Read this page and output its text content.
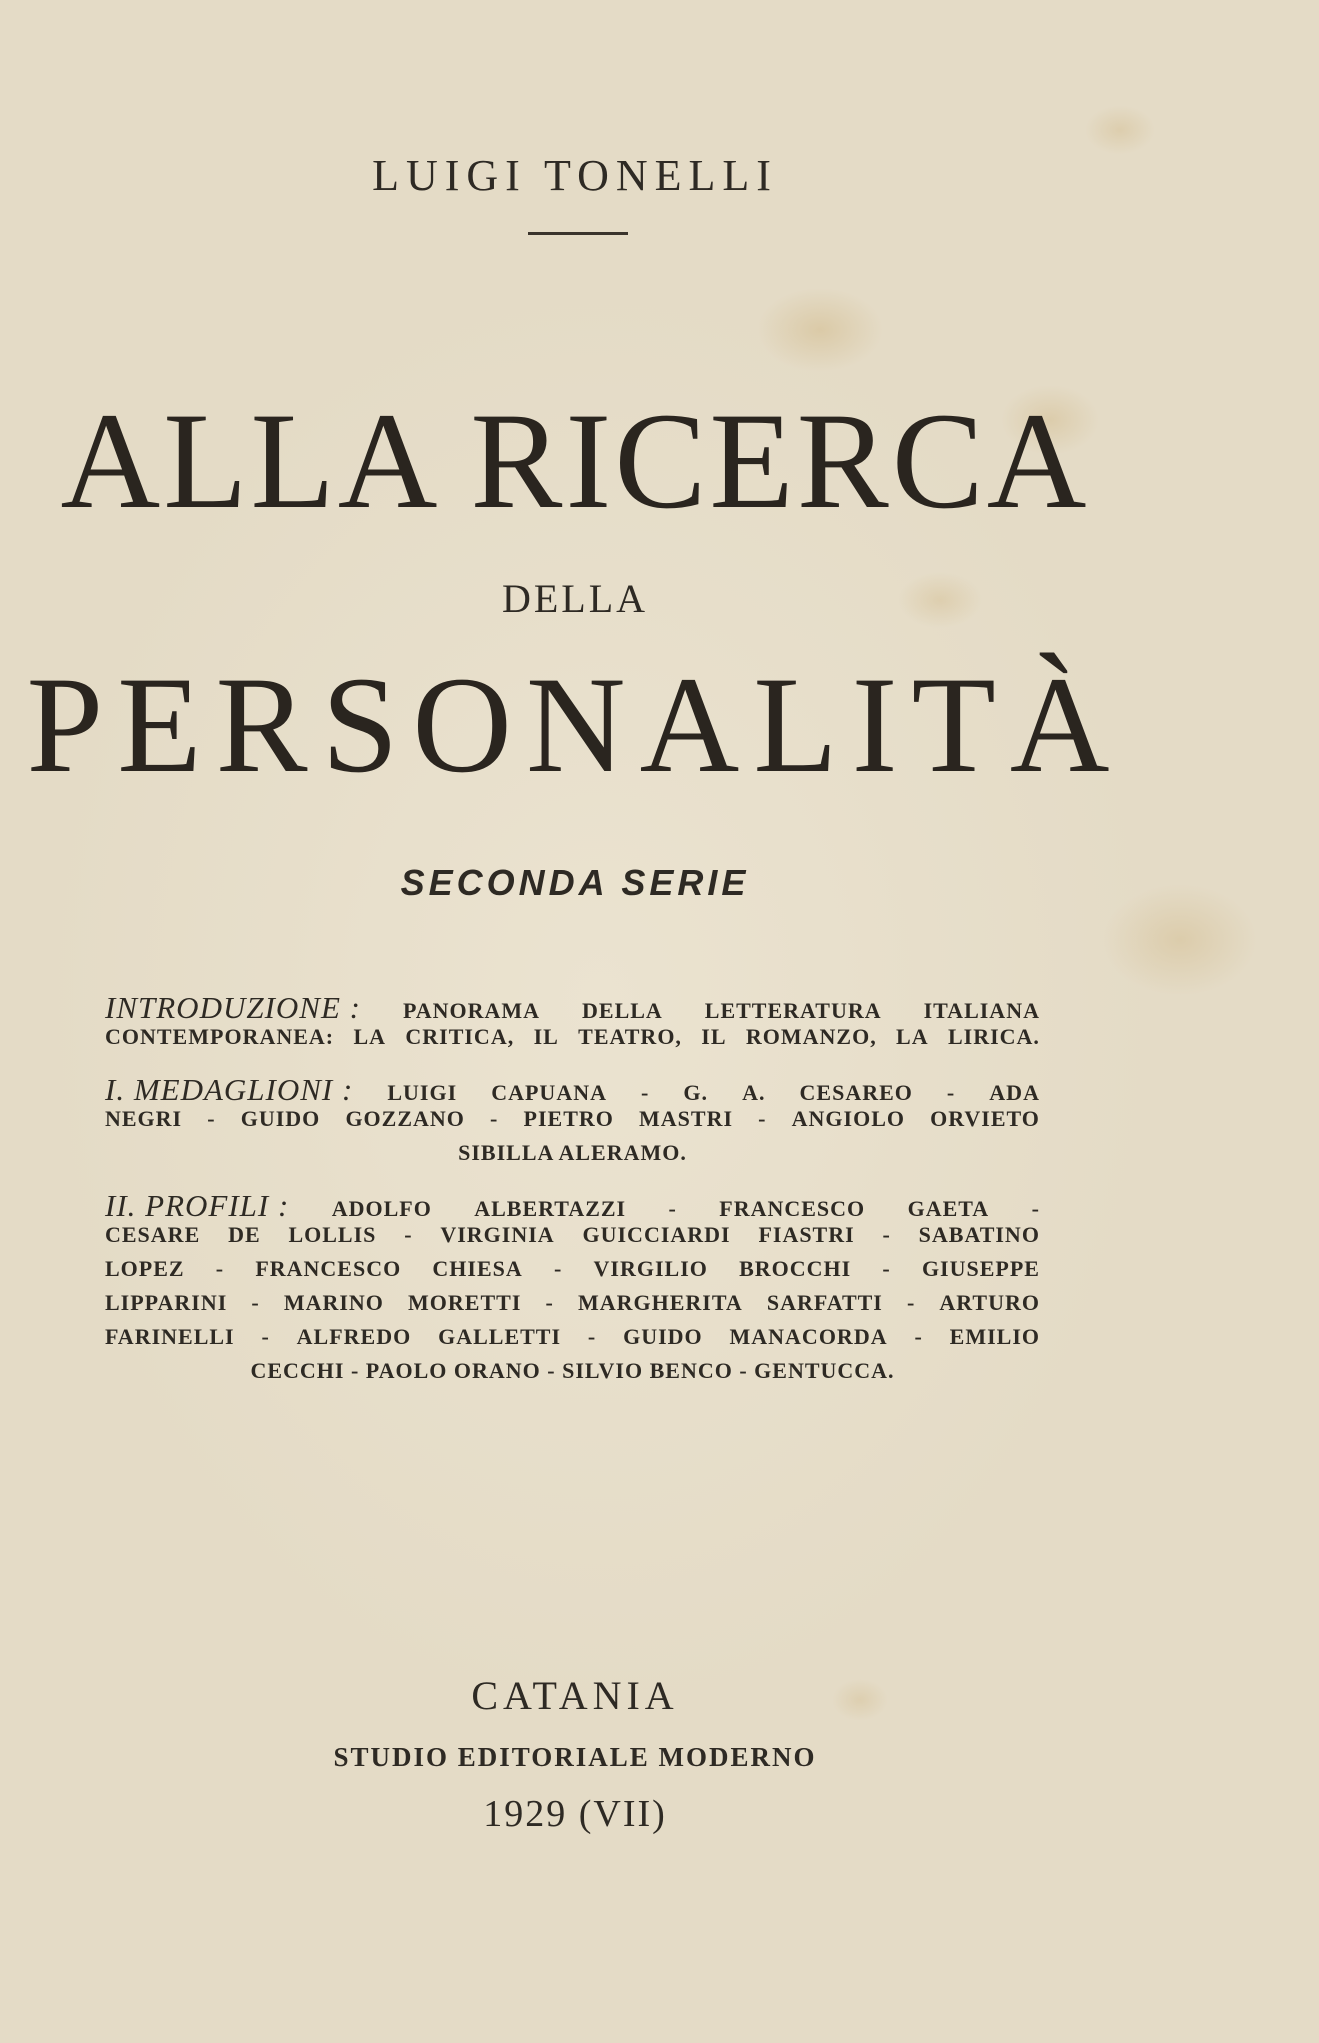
LUIGI TONELLI
ALLA RICERCA
DELLA
PERSONALITÀ
SECONDA SERIE
INTRODUZIONE : PANORAMA DELLA LETTERATURA ITALIANA
CONTEMPORANEA: LA CRITICA, IL TEATRO, IL ROMANZO, LA LIRICA.
I. MEDAGLIONI : LUIGI CAPUANA - G. A. CESAREO - ADA
NEGRI - GUIDO GOZZANO - PIETRO MASTRI - ANGIOLO ORVIETO
SIBILLA ALERAMO.
II. PROFILI : ADOLFO ALBERTAZZI - FRANCESCO GAETA -
CESARE DE LOLLIS - VIRGINIA GUICCIARDI FIASTRI - SABATINO
LOPEZ - FRANCESCO CHIESA - VIRGILIO BROCCHI - GIUSEPPE
LIPPARINI - MARINO MORETTI - MARGHERITA SARFATTI - ARTURO
FARINELLI - ALFREDO GALLETTI - GUIDO MANACORDA - EMILIO
CECCHI - PAOLO ORANO - SILVIO BENCO - GENTUCCA.
CATANIA
STUDIO EDITORIALE MODERNO
1929 (VII)
